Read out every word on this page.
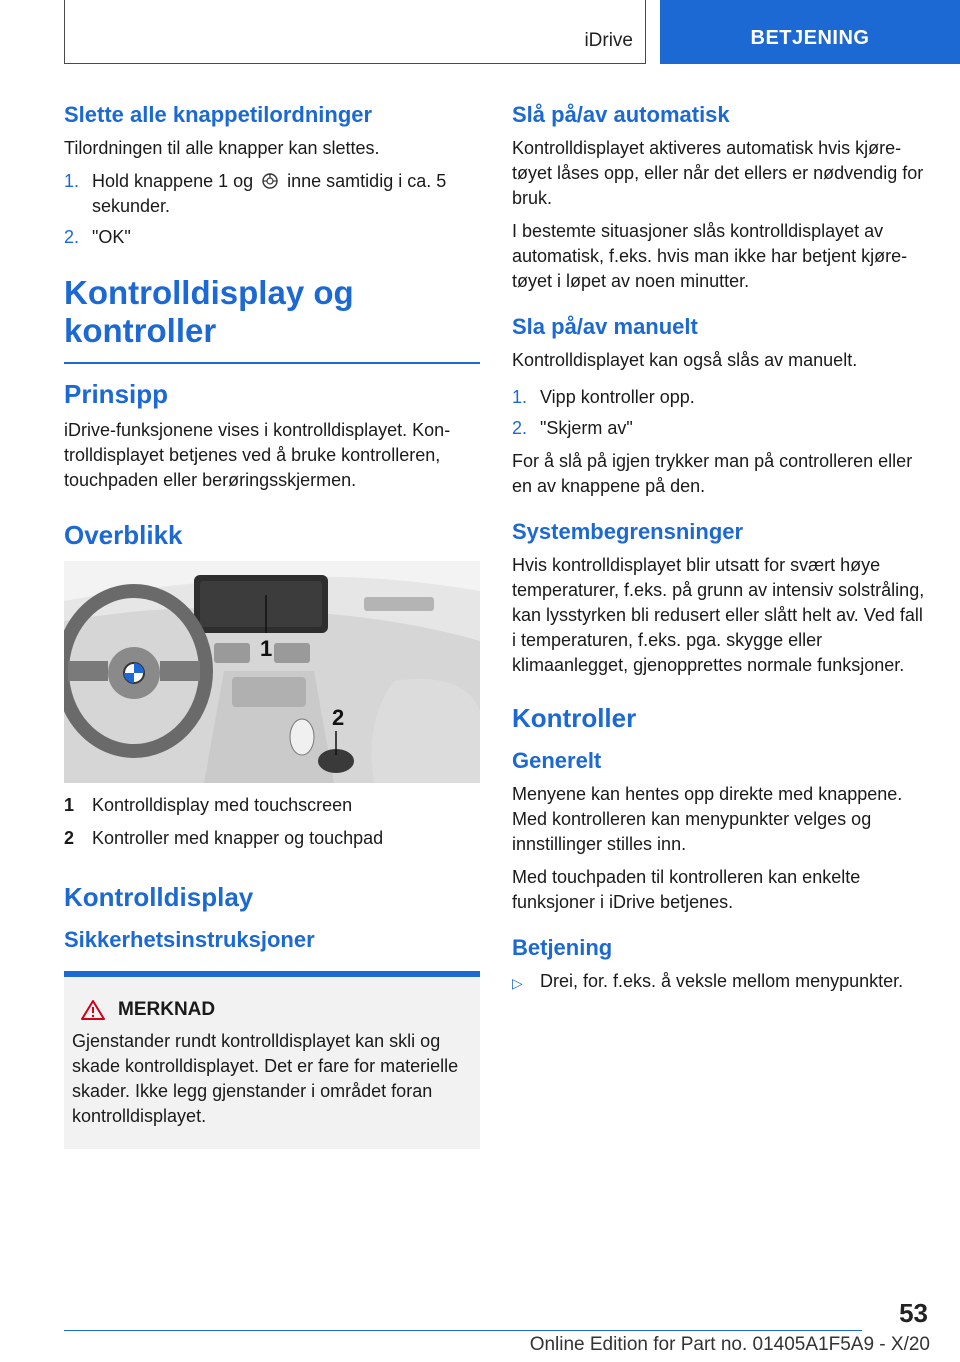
iDrive	BETJENING
Slette alle knappetilordninger

Tilordningen til alle knapper kan slettes.

1. Hold knappene 1 og inne samtidig i ca. 5 sekunder.
2. "OK"
Kontrolldisplay og kontroller
Prinsipp

iDrive-funksjonene vises i kontrolldisplayet. Kontrolldisplayet betjenes ved å bruke kontrolleren, touchpaden eller berøringsskjermen.

Overblikk
1
2
1 Kontrolldisplay med touchscreen
2 Kontroller med knapper og touchpad
Kontrolldisplay
Sikkerhetsinstruksjoner
MERKNAD

Gjenstander rundt kontrolldisplayet kan skli og skade kontrolldisplayet. Det er fare for materielle skader. Ikke legg gjenstander i området foran kontrolldisplayet.

Slå på/av automatisk

Kontrolldisplayet aktiveres automatisk hvis kjøretøyet låses opp, eller når det ellers er nødvendig for bruk.

I bestemte situasjoner slås kontrolldisplayet av automatisk, f.eks. hvis man ikke har betjent kjøretøyet i løpet av noen minutter.

Sla på/av manuelt

Kontrolldisplayet kan også slås av manuelt.

1. Vipp kontroller opp.
2. "Skjerm av"

For å slå på igjen trykker man på controlleren eller en av knappene på den.

Systembegrensninger

Hvis kontrolldisplayet blir utsatt for svært høye temperaturer, f.eks. på grunn av intensiv solstråling, kan lysstyrken bli redusert eller slått helt av. Ved fall i temperaturen, f.eks. pga. skygge eller klimaanlegget, gjenopprettes normale funksjoner.

Kontroller
Generelt

Menyene kan hentes opp direkte med knappene. Med kontrolleren kan menypunkter velges og innstillinger stilles inn.

Med touchpaden til kontrolleren kan enkelte funksjoner i iDrive betjenes.

Betjening
▷ Drei, for. f.eks. å veksle mellom menypunkter.
53
Online Edition for Part no. 01405A1F5A9 - X/20
